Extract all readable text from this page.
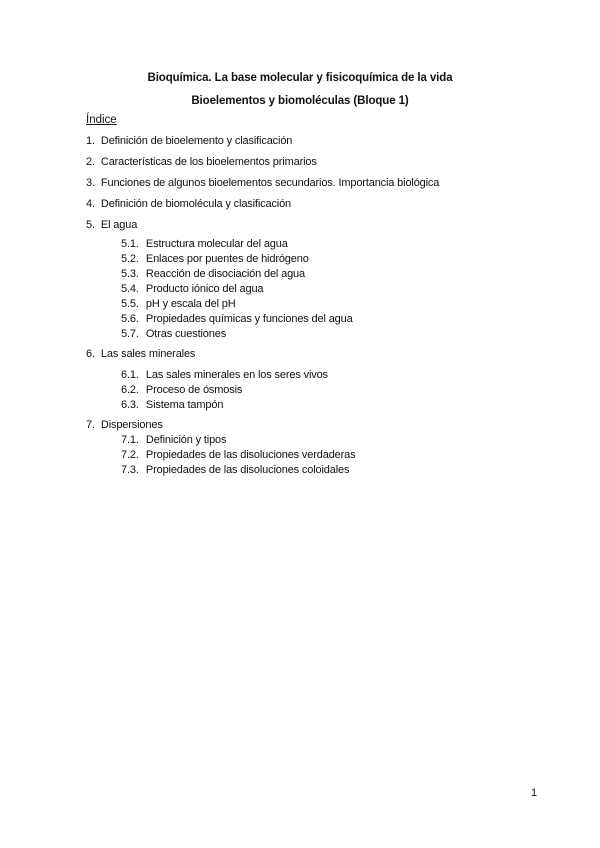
Bioquímica. La base molecular y fisicoquímica de la vida
Bioelementos y biomoléculas (Bloque 1)
Índice
1. Definición de bioelemento y clasificación
2. Características de los bioelementos primarios
3. Funciones de algunos bioelementos secundarios. Importancia biológica
4. Definición de biomolécula y clasificación
5. El agua
5.1. Estructura molecular del agua
5.2. Enlaces por puentes de hidrógeno
5.3. Reacción de disociación del agua
5.4. Producto iónico del agua
5.5. pH y escala del pH
5.6. Propiedades químicas y funciones del agua
5.7. Otras cuestiones
6. Las sales minerales
6.1. Las sales minerales en los seres vivos
6.2. Proceso de ósmosis
6.3. Sistema tampón
7. Dispersiones
7.1. Definición y tipos
7.2. Propiedades de las disoluciones verdaderas
7.3. Propiedades de las disoluciones coloidales
1
